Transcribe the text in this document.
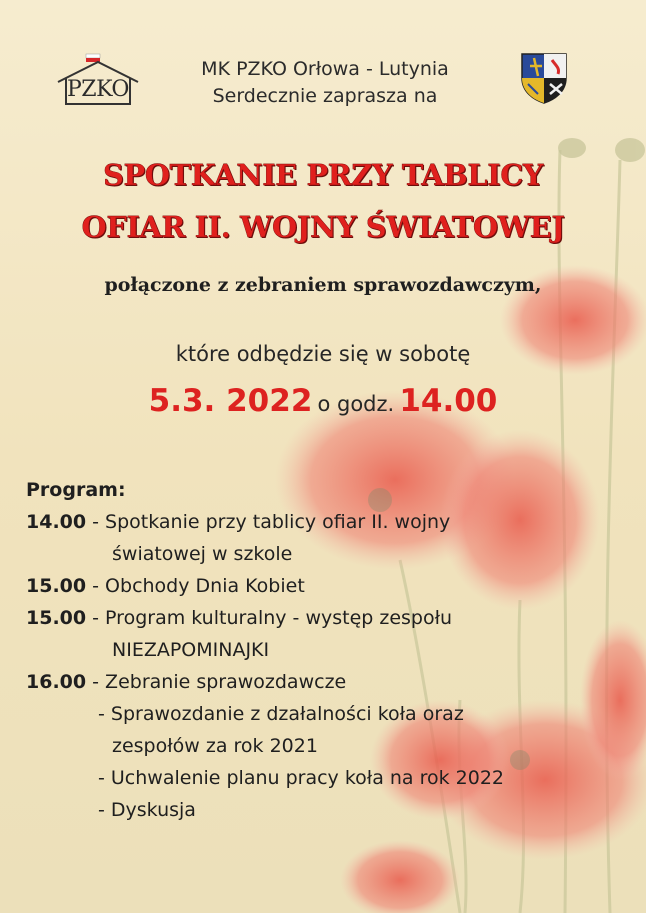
PZKO
MK PZKO Orłowa - Lutynia
Serdecznie zaprasza na
SPOTKANIE PRZY TABLICY
OFIAR II. WOJNY ŚWIATOWEJ
połączone z zebraniem sprawozdawczym,
które odbędzie się w sobotę
5.3. 2022 o godz. 14.00
Program:
14.00 - Spotkanie przy tablicy ofiar II. wojny
światowej w szkole
15.00 - Obchody Dnia Kobiet
15.00 - Program kulturalny - występ zespołu
NIEZAPOMINAJKI
16.00 - Zebranie sprawozdawcze
- Sprawozdanie z dzałalności koła oraz
zespołów za rok 2021
- Uchwalenie planu pracy koła na rok 2022
- Dyskusja
